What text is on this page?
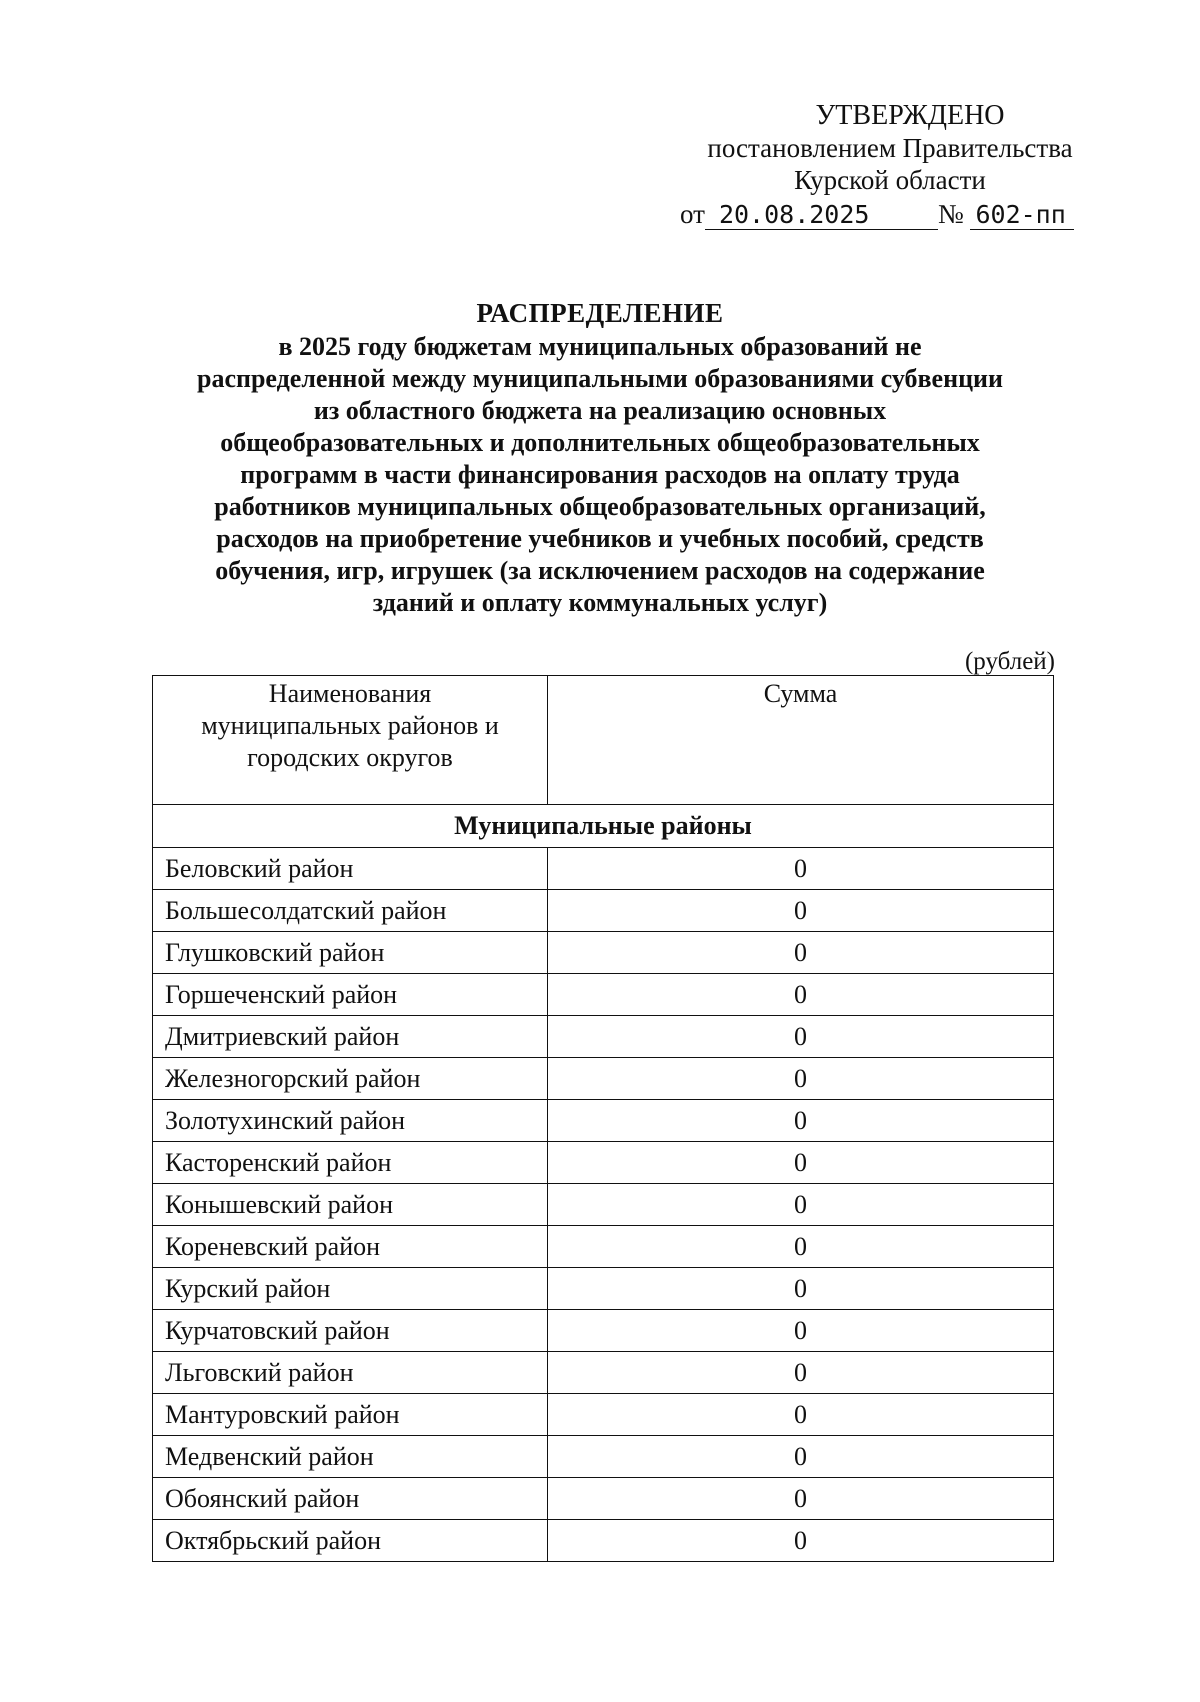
УТВЕРЖДЕНО
постановлением Правительства
Курской области
от 20.08.2025	№ 602-пп
РАСПРЕДЕЛЕНИЕ
в 2025 году бюджетам муниципальных образований не
распределенной между муниципальными образованиями субвенции
из областного бюджета на реализацию основных
общеобразовательных и дополнительных общеобразовательных
программ в части финансирования расходов на оплату труда
работников муниципальных общеобразовательных организаций,
расходов на приобретение учебников и учебных пособий, средств
обучения, игр, игрушек (за исключением расходов на содержание
зданий и оплату коммунальных услуг)
(рублей)
Наименования
муниципальных районов и
городских округов	Сумма
Муниципальные районы	
Беловский район	0
Большесолдатский район	0
Глушковский район	0
Горшеченский район	0
Дмитриевский район	0
Железногорский район	0
Золотухинский район	0
Касторенский район	0
Конышевский район	0
Кореневский район	0
Курский район	0
Курчатовский район	0
Льговский район	0
Мантуровский район	0
Медвенский район	0
Обоянский район	0
Октябрьский район	0
